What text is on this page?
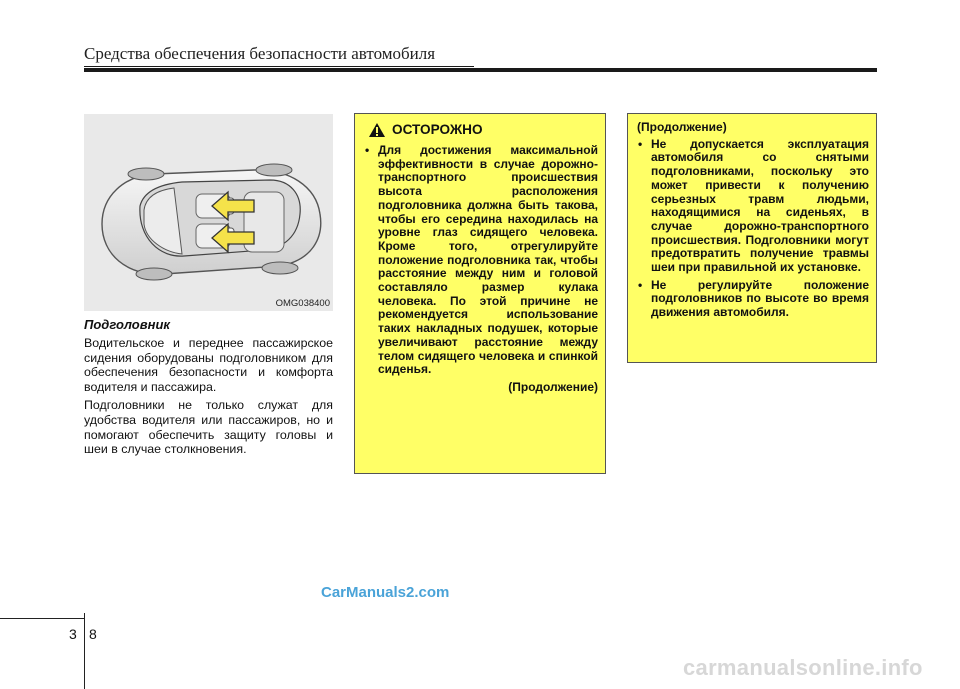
Средства обеспечения безопасности автомобиля
OMG038400
Подголовник

Водительское и переднее пассажирское сидения оборудованы подголовником для обеспечения безопасности и комфорта водителя и пассажира.

Подголовники не только служат для удобства водителя или пассажиров, но и помогают обеспечить защиту головы и шеи в случае столкновения.

ОСТОРОЖНО
• Для достижения максимальной эффективности в случае дорожно-транспортного происшествия высота расположения подголовника должна быть такова, чтобы его середина находилась на уровне глаз сидящего человека. Кроме того, отрегулируйте положение подголовника так, чтобы расстояние между ним и головой составляло размер кулака человека. По этой причине не рекомендуется использование таких накладных подушек, которые увеличивают расстояние между телом сидящего человека и спинкой сиденья.
(Продолжение)
(Продолжение)
• Не допускается эксплуатация автомобиля со снятыми подголовниками, поскольку это может привести к получению серьезных травм людьми, находящимися на сиденьях, в случае дорожно-транспортного происшествия. Подголовники могут предотвратить получение травмы шеи при правильной их установке.
• Не регулируйте положение подголовников по высоте во время движения автомобиля.
CarManuals2.com
3 8
carmanualsonline.info
